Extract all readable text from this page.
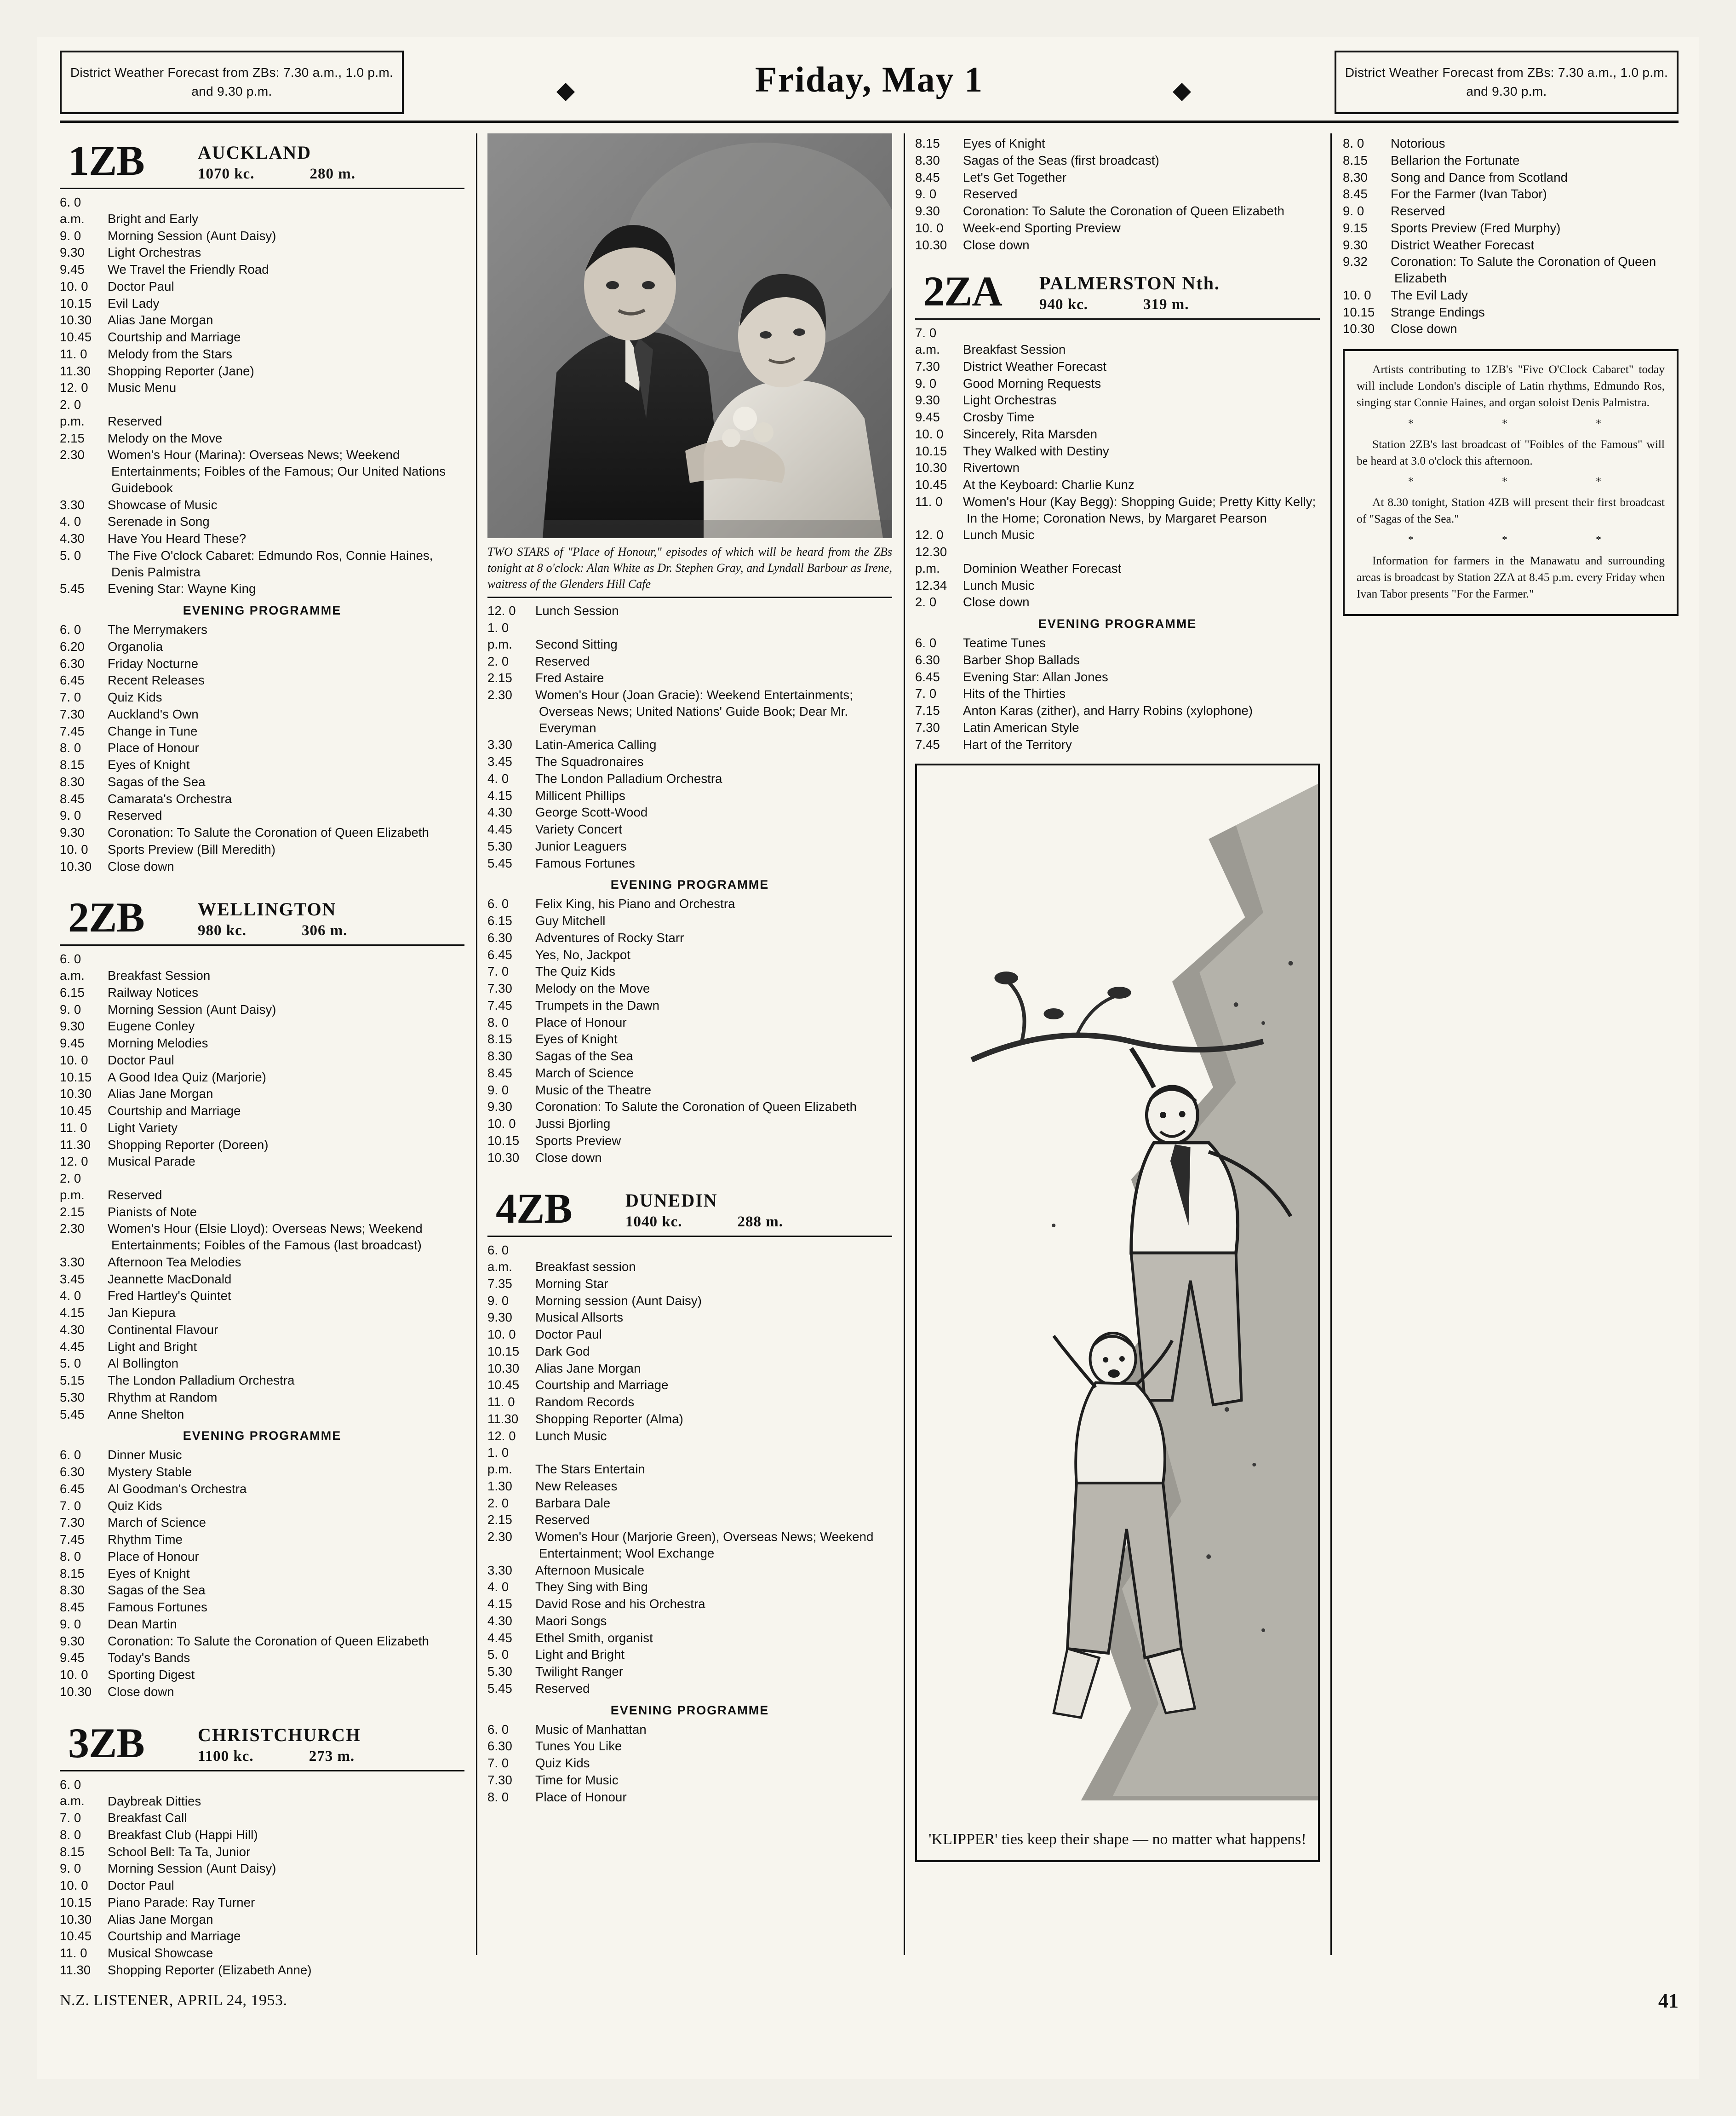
District Weather Forecast from ZBs: 7.30 a.m., 1.0 p.m. and 9.30 p.m.	Friday, May 1	District Weather Forecast from ZBs: 7.30 a.m., 1.0 p.m. and 9.30 p.m.
1ZB	AUCKLAND
1070 kc.	280 m.
6. 0 a.m. Bright and Early
9. 0 Morning Session (Aunt Daisy)
9.30 Light Orchestras
9.45 We Travel the Friendly Road
10. 0 Doctor Paul
10.15 Evil Lady
10.30 Alias Jane Morgan
10.45 Courtship and Marriage
11. 0 Melody from the Stars
11.30 Shopping Reporter (Jane)
12. 0 Music Menu
2. 0 p.m. Reserved
2.15 Melody on the Move
2.30 Women's Hour (Marina): Overseas News; Weekend Entertainments; Foibles of the Famous; Our United Nations Guidebook
3.30 Showcase of Music
4. 0 Serenade in Song
4.30 Have You Heard These?
5. 0 The Five O'clock Cabaret: Edmundo Ros, Connie Haines, Denis Palmistra
5.45 Evening Star: Wayne King
EVENING PROGRAMME
6. 0 The Merrymakers
6.20 Organolia
6.30 Friday Nocturne
6.45 Recent Releases
7. 0 Quiz Kids
7.30 Auckland's Own
7.45 Change in Tune
8. 0 Place of Honour
8.15 Eyes of Knight
8.30 Sagas of the Sea
8.45 Camarata's Orchestra
9. 0 Reserved
9.30 Coronation: To Salute the Coronation of Queen Elizabeth
10. 0 Sports Preview (Bill Meredith)
10.30 Close down
2ZB	WELLINGTON
980 kc.	306 m.
6. 0 a.m. Breakfast Session
6.15 Railway Notices
9. 0 Morning Session (Aunt Daisy)
9.30 Eugene Conley
9.45 Morning Melodies
10. 0 Doctor Paul
10.15 A Good Idea Quiz (Marjorie)
10.30 Alias Jane Morgan
10.45 Courtship and Marriage
11. 0 Light Variety
11.30 Shopping Reporter (Doreen)
12. 0 Musical Parade
2. 0 p.m. Reserved
2.15 Pianists of Note
2.30 Women's Hour (Elsie Lloyd): Overseas News; Weekend Entertainments; Foibles of the Famous (last broadcast)
3.30 Afternoon Tea Melodies
3.45 Jeannette MacDonald
4. 0 Fred Hartley's Quintet
4.15 Jan Kiepura
4.30 Continental Flavour
4.45 Light and Bright
5. 0 Al Bollington
5.15 The London Palladium Orchestra
5.30 Rhythm at Random
5.45 Anne Shelton
EVENING PROGRAMME
6. 0 Dinner Music
6.30 Mystery Stable
6.45 Al Goodman's Orchestra
7. 0 Quiz Kids
7.30 March of Science
7.45 Rhythm Time
8. 0 Place of Honour
8.15 Eyes of Knight
8.30 Sagas of the Sea
8.45 Famous Fortunes
9. 0 Dean Martin
9.30 Coronation: To Salute the Coronation of Queen Elizabeth
9.45 Today's Bands
10. 0 Sporting Digest
10.30 Close down
3ZB	CHRISTCHURCH
1100 kc.	273 m.
6. 0 a.m. Daybreak Ditties
7. 0 Breakfast Call
8. 0 Breakfast Club (Happi Hill)
8.15 School Bell: Ta Ta, Junior
9. 0 Morning Session (Aunt Daisy)
10. 0 Doctor Paul
10.15 Piano Parade: Ray Turner
10.30 Alias Jane Morgan
10.45 Courtship and Marriage
11. 0 Musical Showcase
11.30 Shopping Reporter (Elizabeth Anne)
TWO STARS of "Place of Honour," episodes of which will be heard from the ZBs tonight at 8 o'clock: Alan White as Dr. Stephen Gray, and Lyndall Barbour as Irene, waitress of the Glenders Hill Cafe
12. 0 Lunch Session
1. 0 p.m. Second Sitting
2. 0 Reserved
2.15 Fred Astaire
2.30 Women's Hour (Joan Gracie): Weekend Entertainments; Overseas News; United Nations' Guide Book; Dear Mr. Everyman
3.30 Latin-America Calling
3.45 The Squadronaires
4. 0 The London Palladium Orchestra
4.15 Millicent Phillips
4.30 George Scott-Wood
4.45 Variety Concert
5.30 Junior Leaguers
5.45 Famous Fortunes
EVENING PROGRAMME
6. 0 Felix King, his Piano and Orchestra
6.15 Guy Mitchell
6.30 Adventures of Rocky Starr
6.45 Yes, No, Jackpot
7. 0 The Quiz Kids
7.30 Melody on the Move
7.45 Trumpets in the Dawn
8. 0 Place of Honour
8.15 Eyes of Knight
8.30 Sagas of the Sea
8.45 March of Science
9. 0 Music of the Theatre
9.30 Coronation: To Salute the Coronation of Queen Elizabeth
10. 0 Jussi Bjorling
10.15 Sports Preview
10.30 Close down
4ZB	DUNEDIN
1040 kc.	288 m.
6. 0 a.m. Breakfast session
7.35 Morning Star
9. 0 Morning session (Aunt Daisy)
9.30 Musical Allsorts
10. 0 Doctor Paul
10.15 Dark God
10.30 Alias Jane Morgan
10.45 Courtship and Marriage
11. 0 Random Records
11.30 Shopping Reporter (Alma)
12. 0 Lunch Music
1. 0 p.m. The Stars Entertain
1.30 New Releases
2. 0 Barbara Dale
2.15 Reserved
2.30 Women's Hour (Marjorie Green), Overseas News; Weekend Entertainment; Wool Exchange
3.30 Afternoon Musicale
4. 0 They Sing with Bing
4.15 David Rose and his Orchestra
4.30 Maori Songs
4.45 Ethel Smith, organist
5. 0 Light and Bright
5.30 Twilight Ranger
5.45 Reserved
EVENING PROGRAMME
6. 0 Music of Manhattan
6.30 Tunes You Like
7. 0 Quiz Kids
7.30 Time for Music
8. 0 Place of Honour
8.15 Eyes of Knight
8.30 Sagas of the Seas (first broadcast)
8.45 Let's Get Together
9. 0 Reserved
9.30 Coronation: To Salute the Coronation of Queen Elizabeth
10. 0 Week-end Sporting Preview
10.30 Close down
2ZA PALMERSTON Nth.
940 kc.	319 m.
7. 0 a.m. Breakfast Session
7.30 District Weather Forecast
9. 0 Good Morning Requests
9.30 Light Orchestras
9.45 Crosby Time
10. 0 Sincerely, Rita Marsden
10.15 They Walked with Destiny
10.30 Rivertown
10.45 At the Keyboard: Charlie Kunz
11. 0 Women's Hour (Kay Begg): Shopping Guide; Pretty Kitty Kelly; In the Home; Coronation News, by Margaret Pearson
12. 0 Lunch Music
12.30 p.m. Dominion Weather Forecast
12.34 Lunch Music
2. 0 Close down
EVENING PROGRAMME
6. 0 Teatime Tunes
6.30 Barber Shop Ballads
6.45 Evening Star: Allan Jones
7. 0 Hits of the Thirties
7.15 Anton Karas (zither), and Harry Robins (xylophone)
7.30 Latin American Style
7.45 Hart of the Territory
'KLIPPER' ties keep their shape — no matter what happens!
8. 0 Notorious
8.15 Bellarion the Fortunate
8.30 Song and Dance from Scotland
8.45 For the Farmer (Ivan Tabor)
9. 0 Reserved
9.15 Sports Preview (Fred Murphy)
9.30 District Weather Forecast
9.32 Coronation: To Salute the Coronation of Queen Elizabeth
10. 0 The Evil Lady
10.15 Strange Endings
10.30 Close down

Artists contributing to 1ZB's "Five O'Clock Cabaret" today will include London's disciple of Latin rhythms, Edmundo Ros, singing star Connie Haines, and organ soloist Denis Palmistra.

*  *  *

Station 2ZB's last broadcast of "Foibles of the Famous" will be heard at 3.0 o'clock this afternoon.

*  *  *

At 8.30 tonight, Station 4ZB will present their first broadcast of "Sagas of the Sea."

*  *  *

Information for farmers in the Manawatu and surrounding areas is broadcast by Station 2ZA at 8.45 p.m. every Friday when Ivan Tabor presents "For the Farmer."

N.Z. LISTENER, APRIL 24, 1953.	41
